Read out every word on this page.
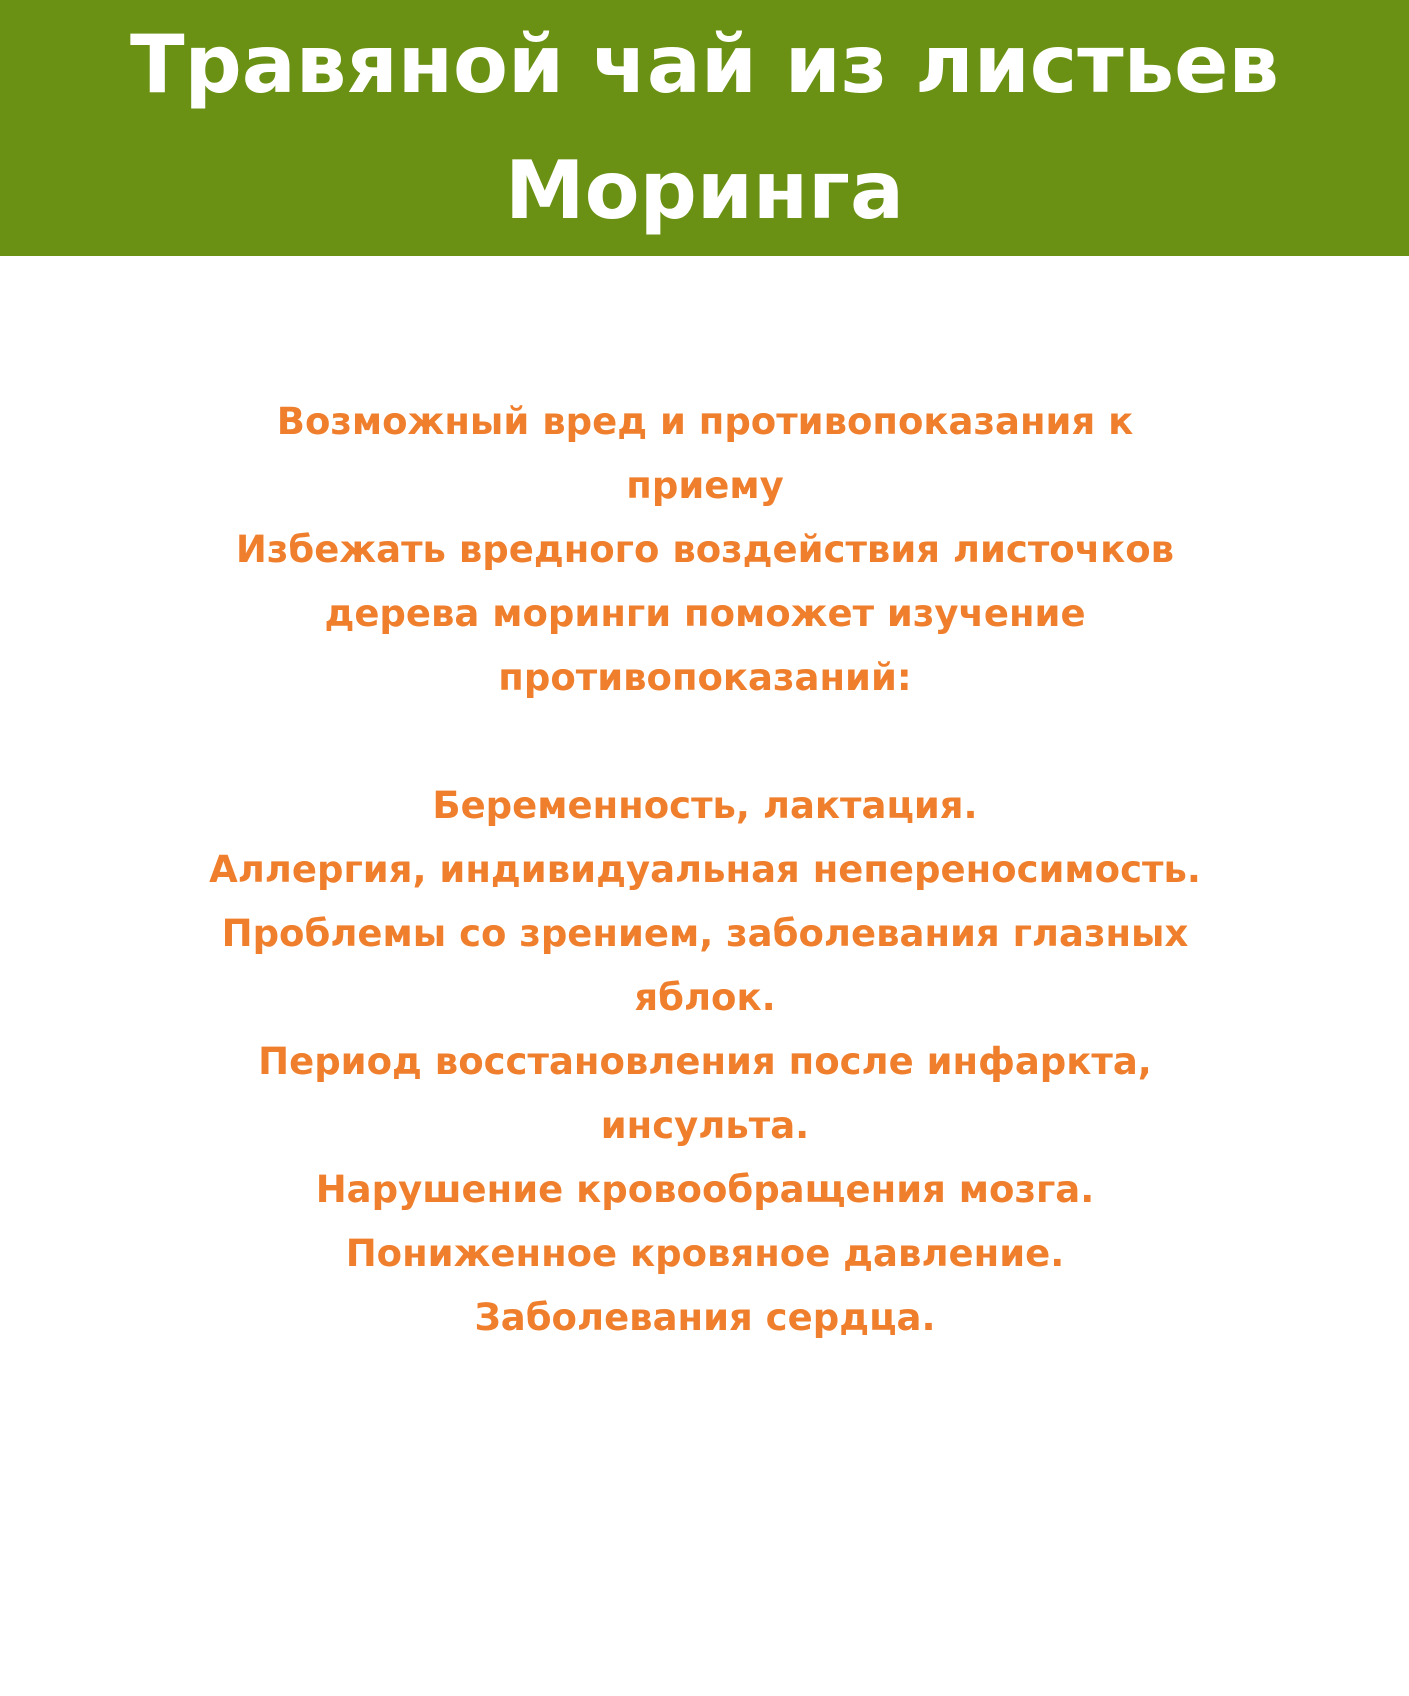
Травяной чай из листьев Моринга
Возможный вред и противопоказания к приему
Избежать вредного воздействия листочков дерева моринги поможет изучение противопоказаний:
Беременность, лактация.
Аллергия, индивидуальная непереносимость.
Проблемы со зрением, заболевания глазных яблок.
Период восстановления после инфаркта, инсульта.
Нарушение кровообращения мозга.
Пониженное кровяное давление.
Заболевания сердца.
